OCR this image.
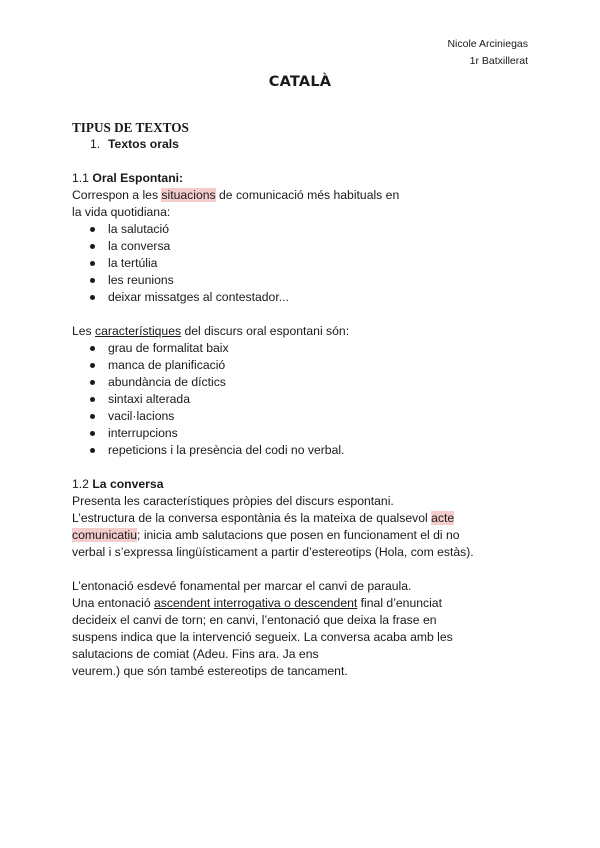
Nicole Arciniegas
1r Batxillerat
CATALÀ

TIPUS DE TEXTOS

1. Textos orals

1.1 Oral Espontani:

Correspon a les situacions de comunicació més habituals en
la vida quotidiana:

la salutació
la conversa
la tertúlia
les reunions
deixar missatges al contestador...

Les característiques del discurs oral espontani són:

grau de formalitat baix
manca de planificació
abundància de díctics
sintaxi alterada
vacil·lacions
interrupcions
repeticions i la presència del codi no verbal.

1.2 La conversa

Presenta les característiques pròpies del discurs espontani.
L’estructura de la conversa espontània és la mateixa de qualsevol acte
comunicatiu; inicia amb salutacions que posen en funcionament el di no
verbal i s’expressa lingüísticament a partir d’estereotips (Hola, com estàs).

L’entonació esdevé fonamental per marcar el canvi de paraula.
Una entonació ascendent interrogativa o descendent final d’enunciat
decideix el canvi de torn; en canvi, l’entonació que deixa la frase en
suspens indica que la intervenció segueix. La conversa acaba amb les
salutacions de comiat (Adeu. Fins ara. Ja ens
veurem.) que són també estereotips de tancament.
